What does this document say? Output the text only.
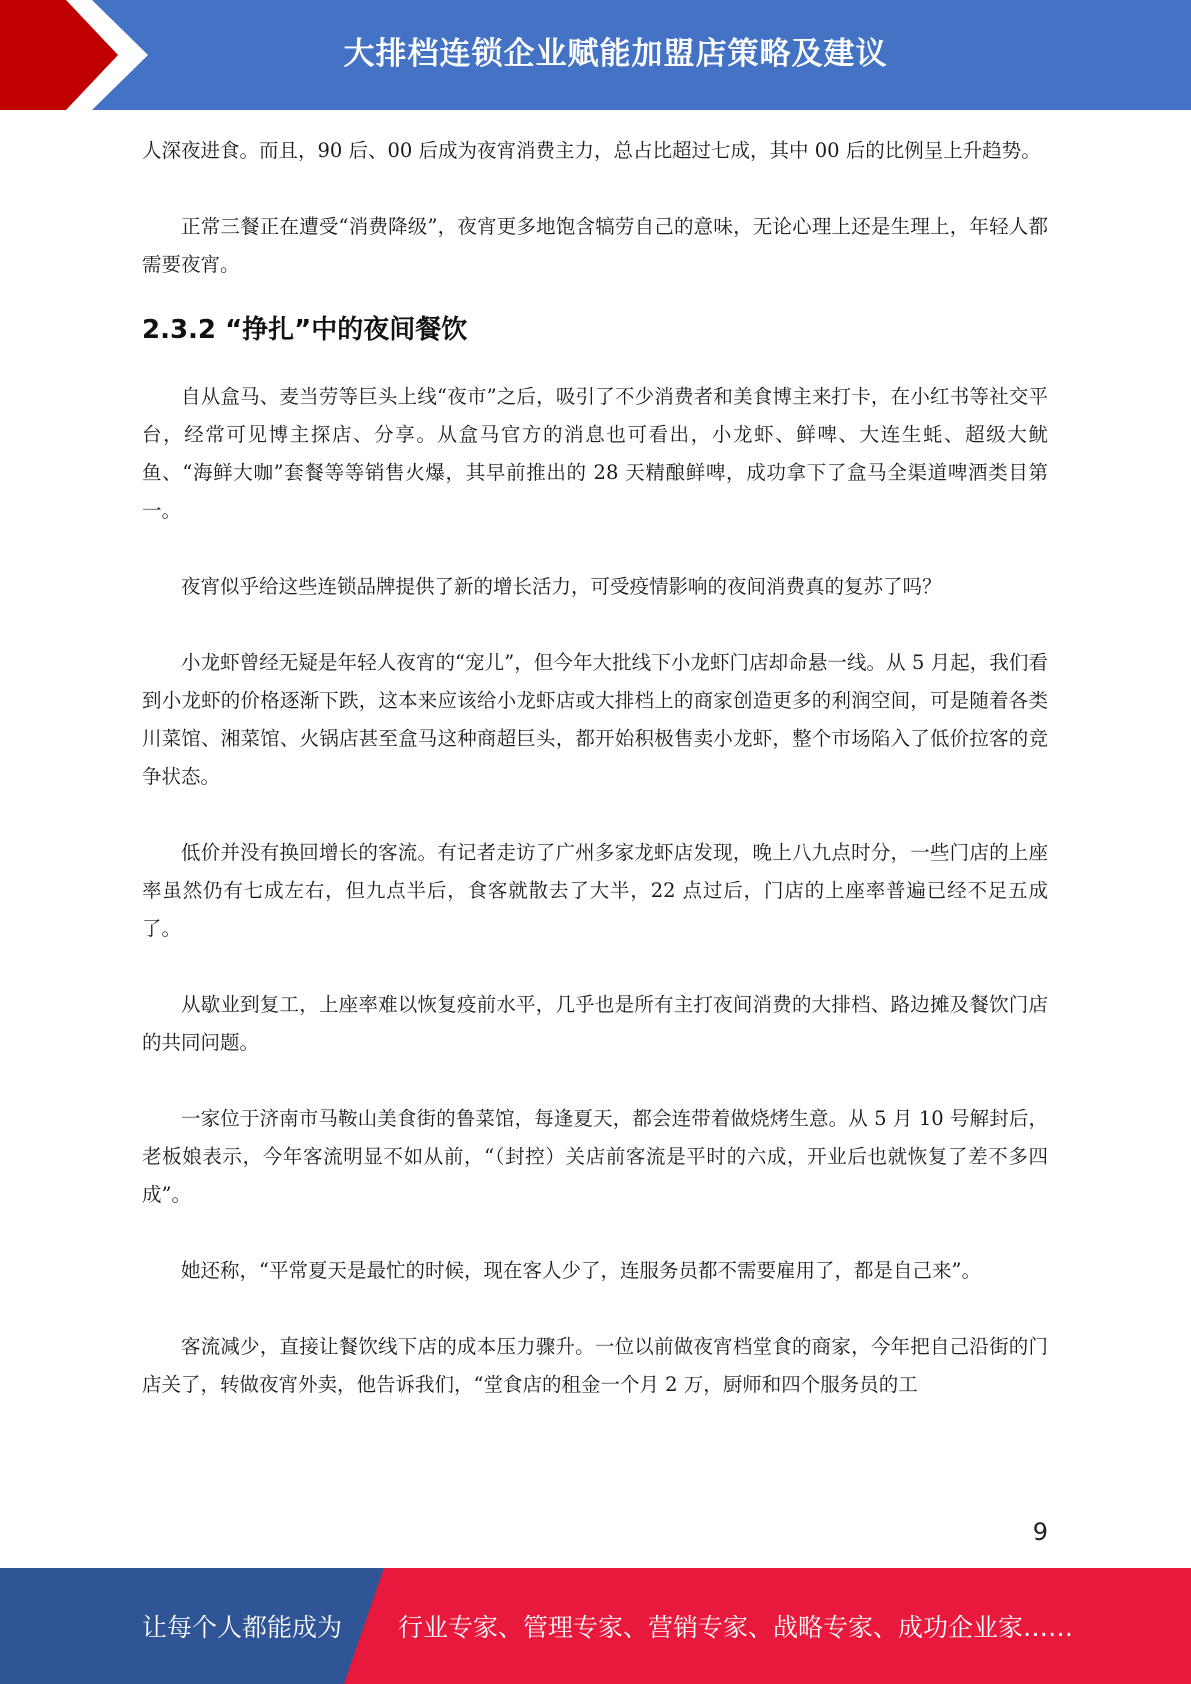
大排档连锁企业赋能加盟店策略及建议

人深夜进食。而且，90 后、00 后成为夜宵消费主力，总占比超过七成，其中 00 后的比例呈上升趋势。

正常三餐正在遭受“消费降级”，夜宵更多地饱含犒劳自己的意味，无论心理上还是生理上，年轻人都需要夜宵。

2.3.2 “挣扎”中的夜间餐饮

自从盒马、麦当劳等巨头上线“夜市”之后，吸引了不少消费者和美食博主来打卡，在小红书等社交平台，经常可见博主探店、分享。从盒马官方的消息也可看出，小龙虾、鲜啤、大连生蚝、超级大鱿鱼、“海鲜大咖”套餐等等销售火爆，其早前推出的 28 天精酿鲜啤，成功拿下了盒马全渠道啤酒类目第一。

夜宵似乎给这些连锁品牌提供了新的增长活力，可受疫情影响的夜间消费真的复苏了吗？

小龙虾曾经无疑是年轻人夜宵的“宠儿”，但今年大批线下小龙虾门店却命悬一线。从 5 月起，我们看到小龙虾的价格逐渐下跌，这本来应该给小龙虾店或大排档上的商家创造更多的利润空间，可是随着各类川菜馆、湘菜馆、火锅店甚至盒马这种商超巨头，都开始积极售卖小龙虾，整个市场陷入了低价拉客的竞争状态。

低价并没有换回增长的客流。有记者走访了广州多家龙虾店发现，晚上八九点时分，一些门店的上座率虽然仍有七成左右，但九点半后，食客就散去了大半，22 点过后，门店的上座率普遍已经不足五成了。

从歇业到复工，上座率难以恢复疫前水平，几乎也是所有主打夜间消费的大排档、路边摊及餐饮门店的共同问题。

一家位于济南市马鞍山美食街的鲁菜馆，每逢夏天，都会连带着做烧烤生意。从 5 月 10 号解封后，老板娘表示，今年客流明显不如从前，“（封控）关店前客流是平时的六成，开业后也就恢复了差不多四成”。

她还称，“平常夏天是最忙的时候，现在客人少了，连服务员都不需要雇用了，都是自己来”。

客流减少，直接让餐饮线下店的成本压力骤升。一位以前做夜宵档堂食的商家，今年把自己沿街的门店关了，转做夜宵外卖，他告诉我们，“堂食店的租金一个月 2 万，厨师和四个服务员的工

9
让每个人都能成为 行业专家、管理专家、营销专家、战略专家、成功企业家……
